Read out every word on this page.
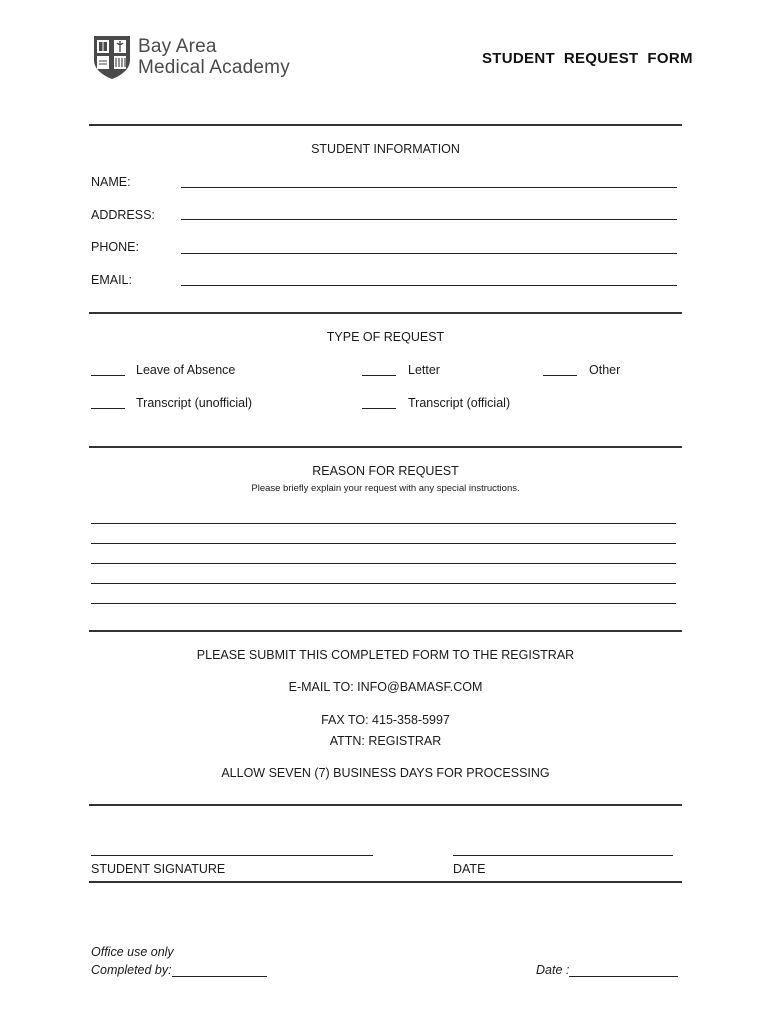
Bay Area
Medical Academy	STUDENT  REQUEST  FORM
STUDENT INFORMATION
NAME:
ADDRESS:
PHONE:
EMAIL:
TYPE OF REQUEST
Leave of Absence	Letter	Other
Transcript (unofficial)	Transcript (official)
REASON FOR REQUEST
Please briefly explain your request with any special instructions.
PLEASE SUBMIT THIS COMPLETED FORM TO THE REGISTRAR
E-MAIL TO: INFO@BAMASF.COM
FAX TO: 415-358-5997
ATTN: REGISTRAR
ALLOW SEVEN (7) BUSINESS DAYS FOR PROCESSING
STUDENT SIGNATURE	DATE
Office use only
Completed by:	Date :
